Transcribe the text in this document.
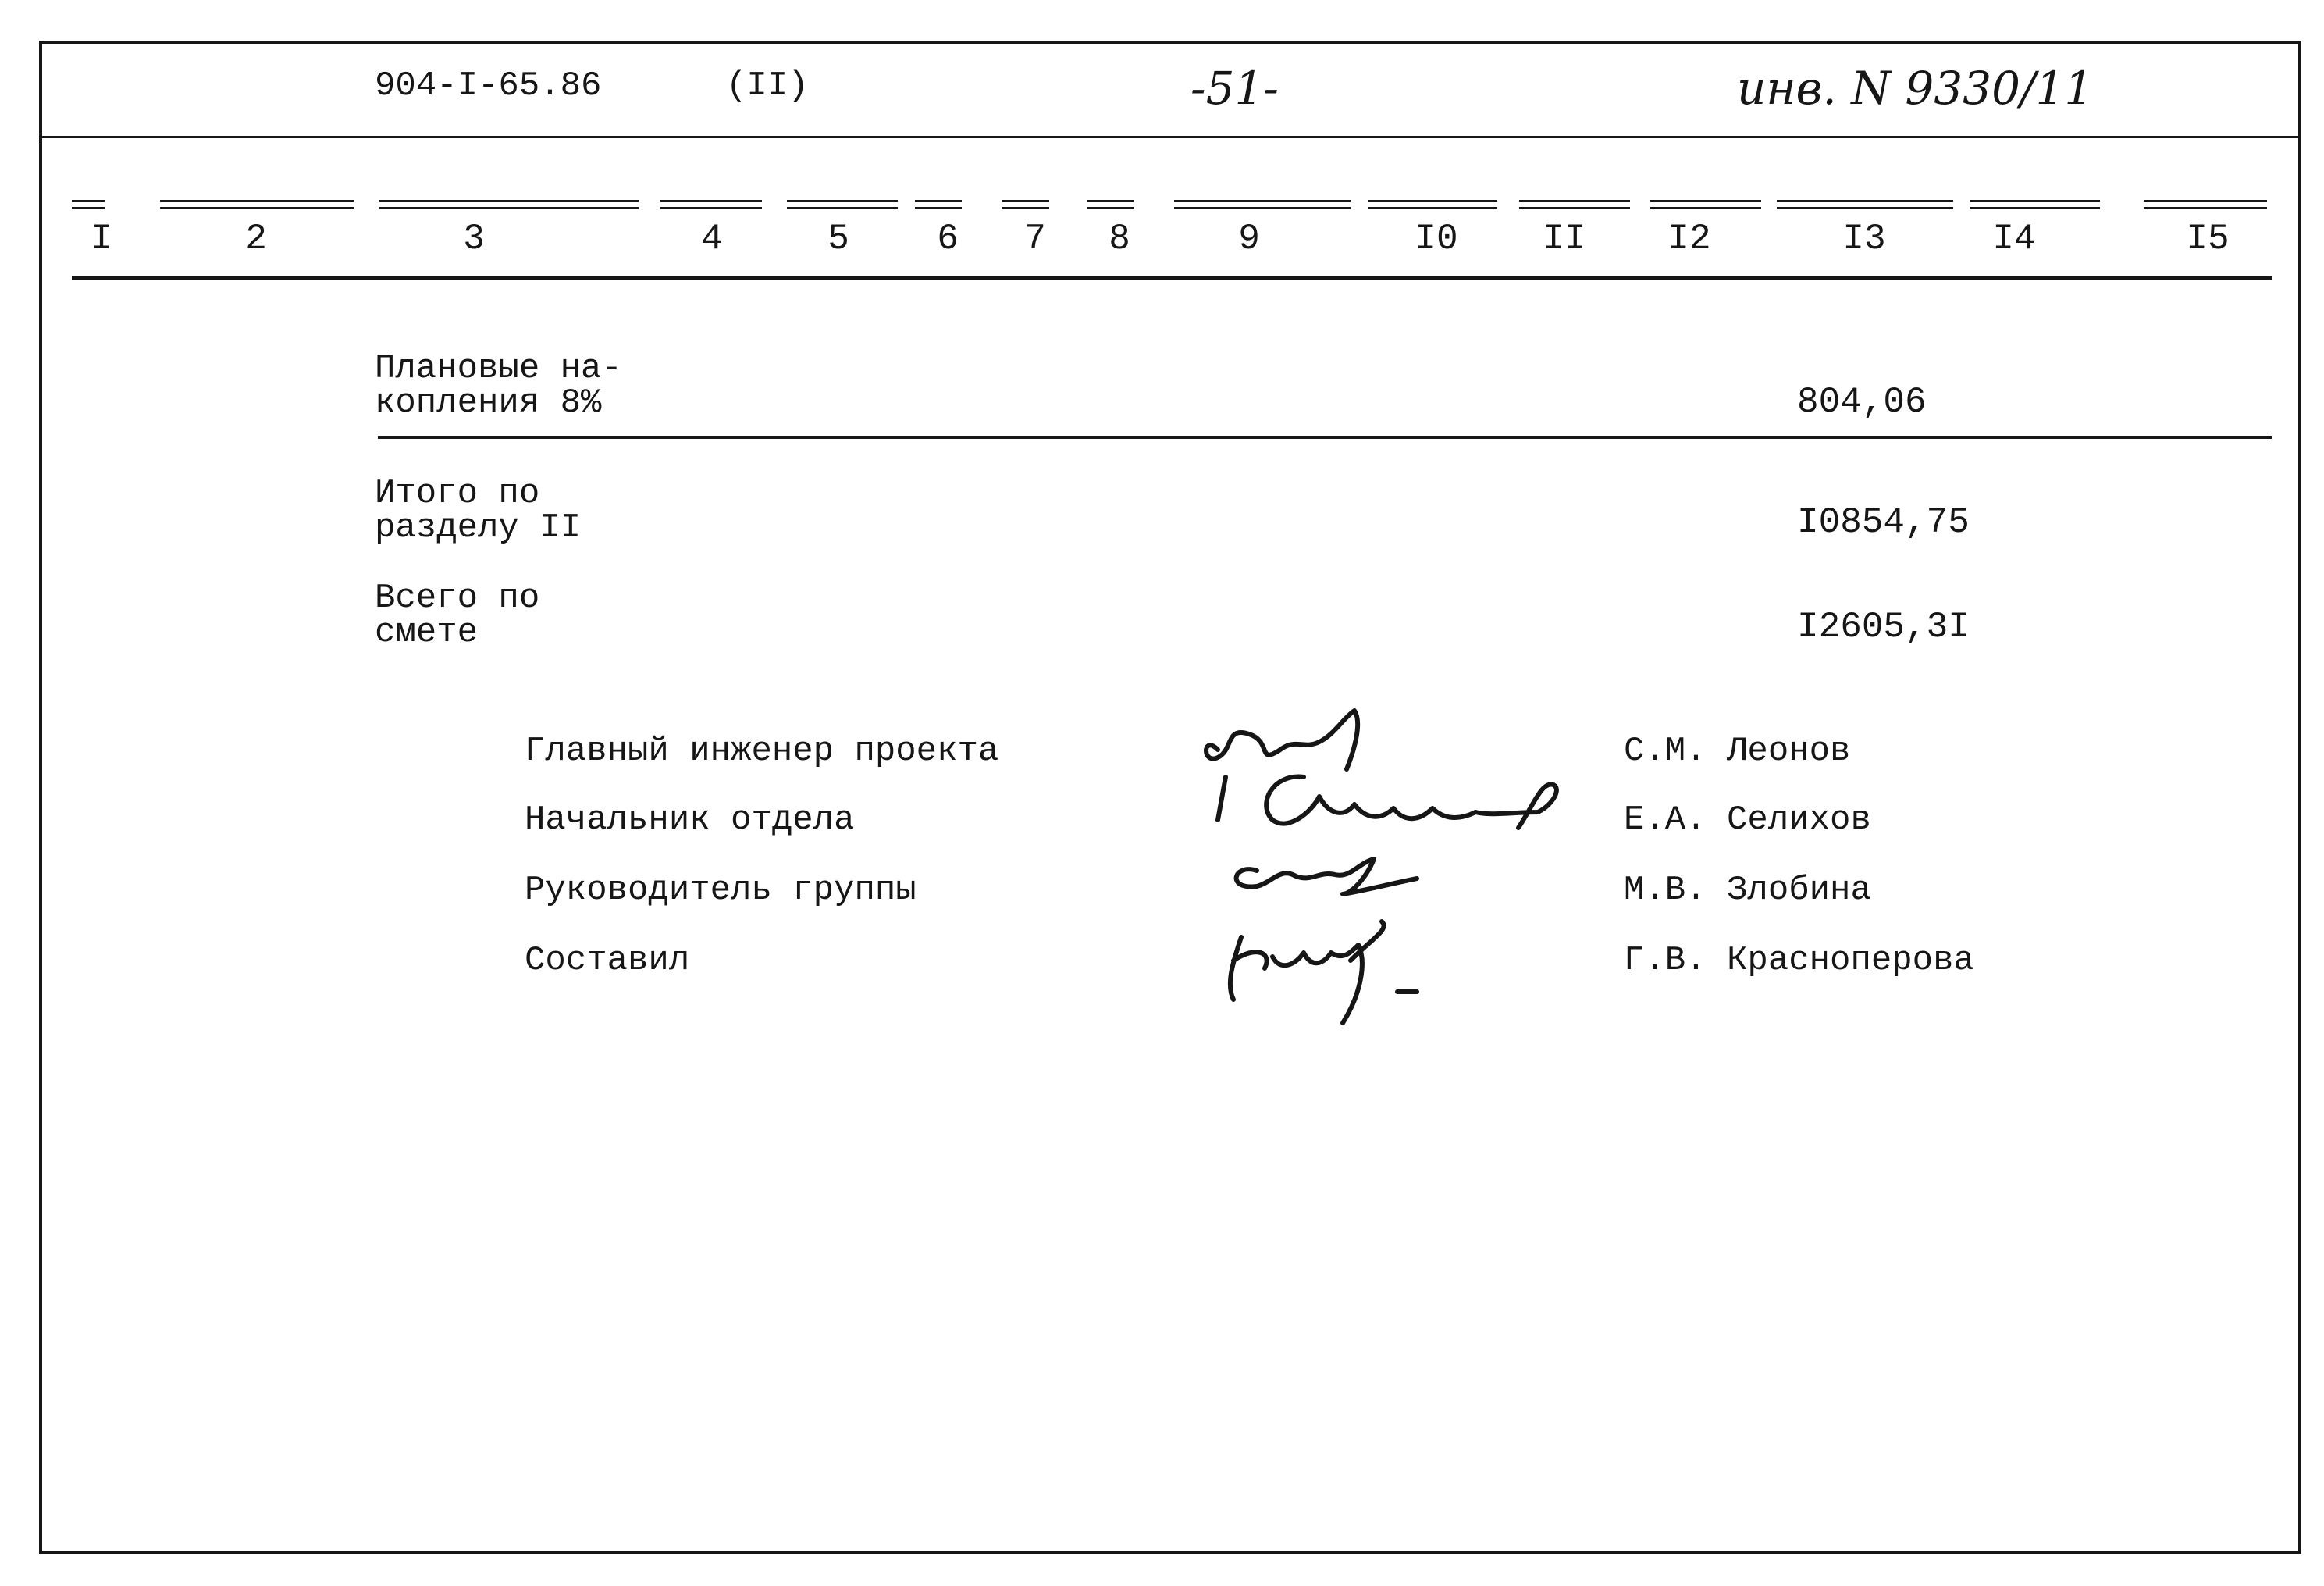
904-I-65.86	(II)	-51-	инв. N 9330/11
I	2	3	4	5 6 7 8	9	I0 II I2	I3	I4	I5
Плановые на-
копления 8%	804,06
Итого по
разделу II	I0854,75
Всего по
смете	I2605,3I
Главный инженер проекта	С.М. Леонов
Начальник отдела	Е.А. Селихов
Руководитель группы	М.В. Злобина
Составил	Г.В. Красноперова
